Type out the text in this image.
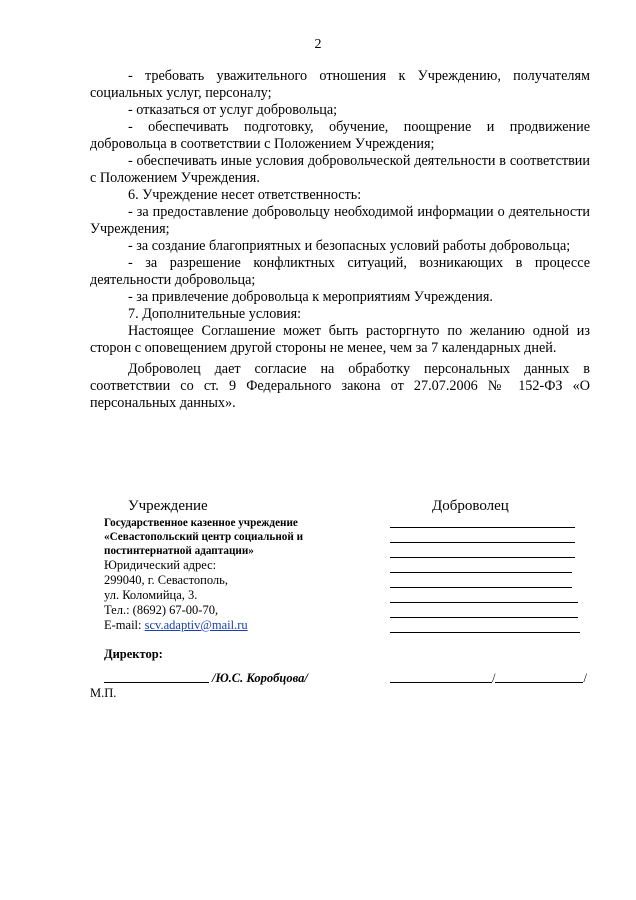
2

- требовать уважительного отношения к Учреждению, получателям социальных услуг, персоналу;

- отказаться от услуг добровольца;

- обеспечивать подготовку, обучение, поощрение и продвижение добровольца в соответствии с Положением Учреждения;

- обеспечивать иные условия добровольческой деятельности в соответствии с Положением Учреждения.

6. Учреждение несет ответственность:

- за предоставление добровольцу необходимой информации о деятельности Учреждения;

- за создание благоприятных и безопасных условий работы добровольца;

- за разрешение конфликтных ситуаций, возникающих в процессе деятельности добровольца;

- за привлечение добровольца к мероприятиям Учреждения.

7. Дополнительные условия:

Настоящее Соглашение может быть расторгнуто по желанию одной из сторон с оповещением другой стороны не менее, чем за 7 календарных дней.

Доброволец дает согласие на обработку персональных данных в соответствии со ст. 9 Федерального закона от 27.07.2006 № 152-ФЗ «О персональных данных».

Учреждение	Доброволец
Государственное казенное учреждение
«Севастопольский центр социальной и
постинтернатной адаптации»
Юридический адрес:
299040, г. Севастополь,
ул. Коломийца, 3.
Тел.: (8692) 67-00-70,
E-mail: scv.adaptiv@mail.ru
Директор:
/Ю.С. Коробцова/	/	/
М.П.
